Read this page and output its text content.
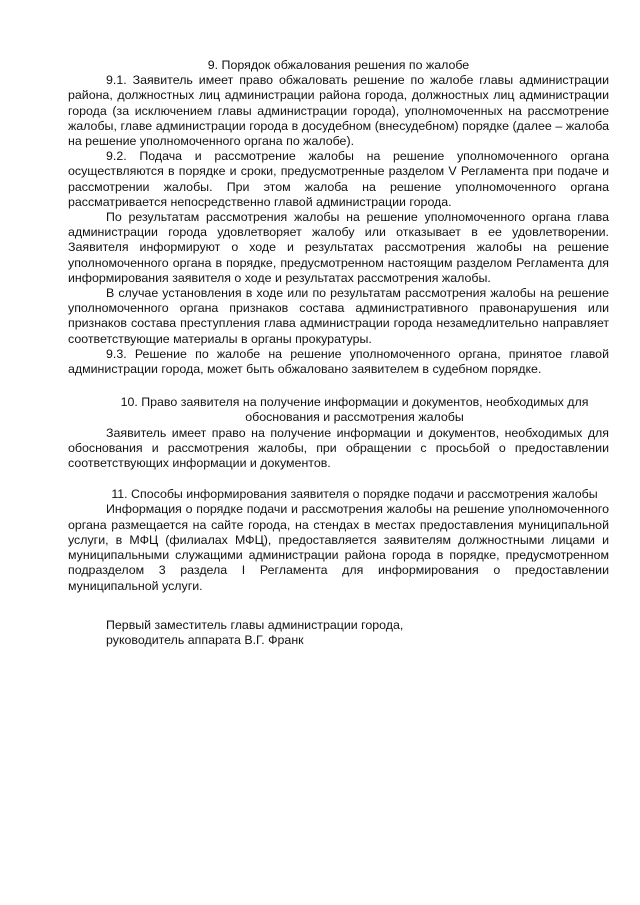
9. Порядок обжалования решения по жалобе

9.1. Заявитель имеет право обжаловать решение по жалобе главы администрации района, должностных лиц администрации района города, должностных лиц администрации города (за исключением главы администрации города), уполномоченных на рассмотрение жалобы, главе администрации города в досудебном (внесудебном) порядке (далее – жалоба на решение уполномоченного органа по жалобе).

9.2. Подача и рассмотрение жалобы на решение уполномоченного органа осуществляются в порядке и сроки, предусмотренные разделом V Регламента при подаче и рассмотрении жалобы. При этом жалоба на решение уполномоченного органа рассматривается непосредственно главой администрации города.

По результатам рассмотрения жалобы на решение уполномоченного органа глава администрации города удовлетворяет жалобу или отказывает в ее удовлетворении. Заявителя информируют о ходе и результатах рассмотрения жалобы на решение уполномоченного органа в порядке, предусмотренном настоящим разделом Регламента для информирования заявителя о ходе и результатах рассмотрения жалобы.

В случае установления в ходе или по результатам рассмотрения жалобы на решение уполномоченного органа признаков состава административного правонарушения или признаков состава преступления глава администрации города незамедлительно направляет соответствующие материалы в органы прокуратуры.

9.3. Решение по жалобе на решение уполномоченного органа, принятое главой администрации города, может быть обжаловано заявителем в судебном порядке.

10. Право заявителя на получение информации и документов, необходимых для обоснования и рассмотрения жалобы

Заявитель имеет право на получение информации и документов, необходимых для обоснования и рассмотрения жалобы, при обращении с просьбой о предоставлении соответствующих информации и документов.

11. Способы информирования заявителя о порядке подачи и рассмотрения жалобы

Информация о порядке подачи и рассмотрения жалобы на решение уполномоченного органа размещается на сайте города, на стендах в местах предоставления муниципальной услуги, в МФЦ (филиалах МФЦ), предоставляется заявителям должностными лицами и муниципальными служащими администрации района города в порядке, предусмотренном подразделом 3 раздела I Регламента для информирования о предоставлении муниципальной услуги.

Первый заместитель главы администрации города,

руководитель аппарата В.Г. Франк
